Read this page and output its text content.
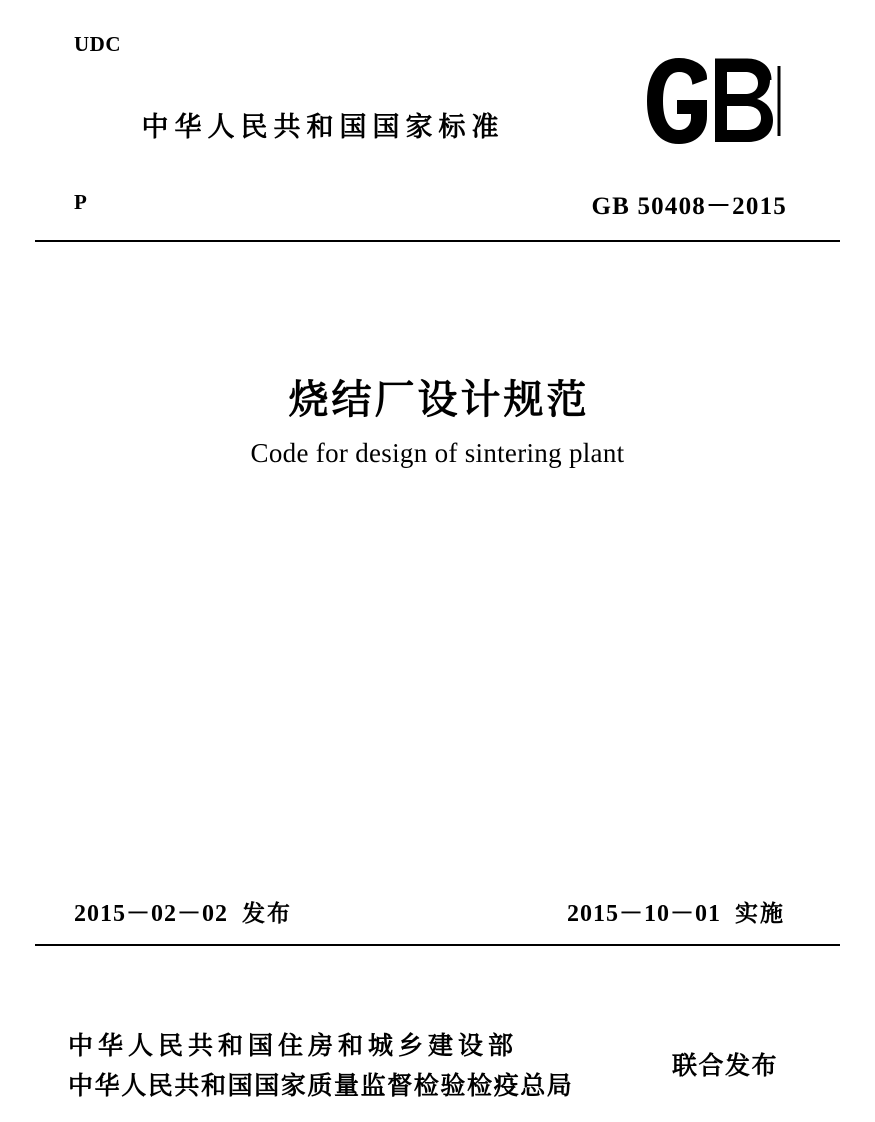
UDC
中华人民共和国国家标准
P	GB 50408－2015
烧结厂设计规范
Code for design of sintering plant
2015－02－02 发布	2015－10－01 实施
中华人民共和国住房和城乡建设部
中华人民共和国国家质量监督检验检疫总局
联合发布
